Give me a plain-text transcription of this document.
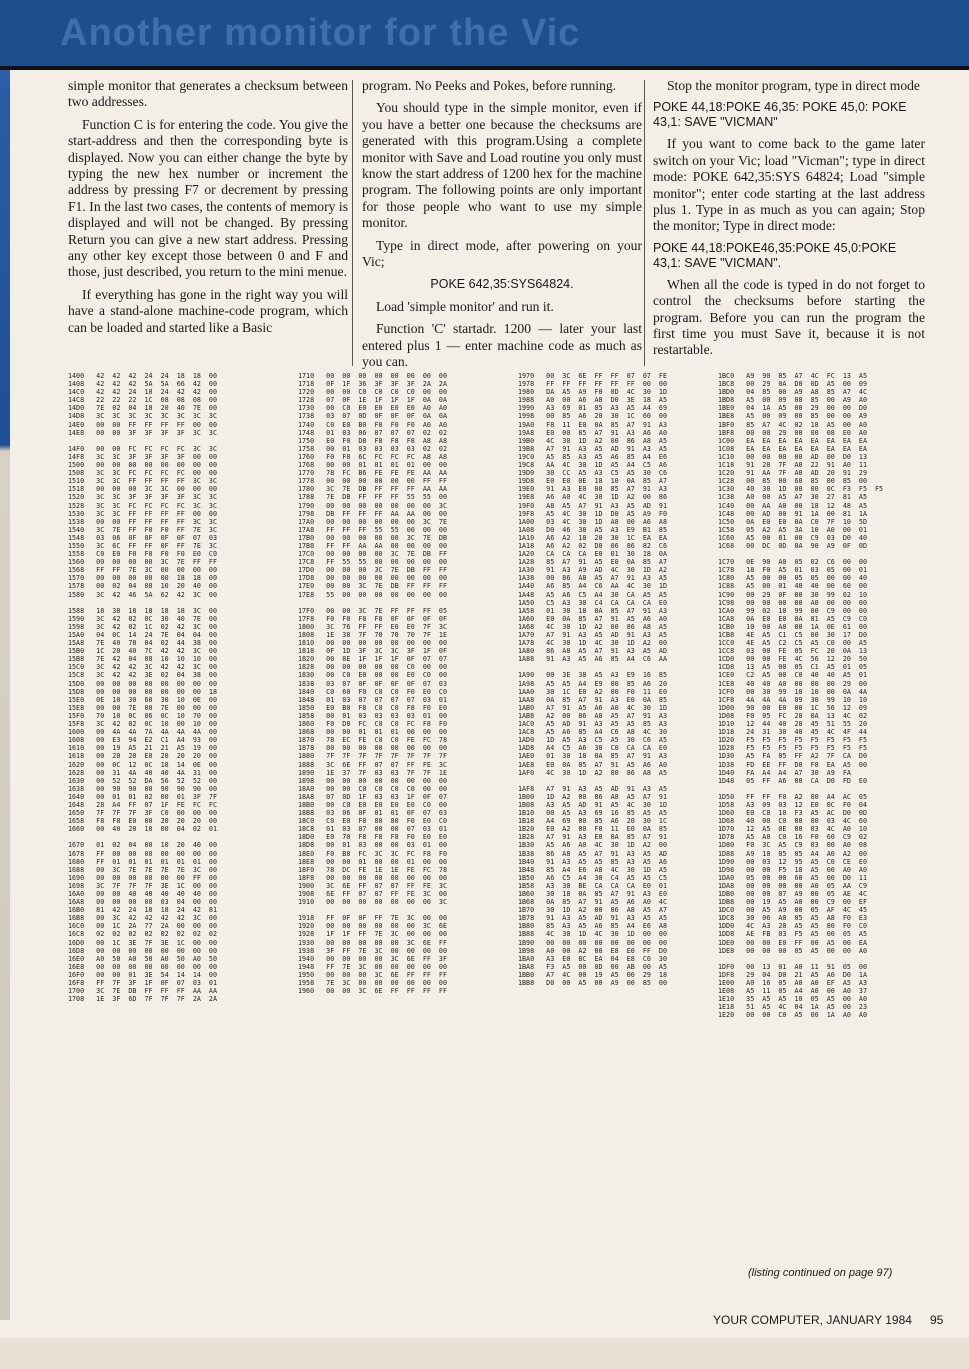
Another monitor for the Vic

simple monitor that generates a checksum between two addresses.

Function C is for entering the code. You give the start-address and then the corresponding byte is displayed. Now you can either change the byte by typing the new hex number or increment the address by pressing F7 or decrement by pressing F1. In the last two cases, the contents of memory is displayed and will not be changed. By pressing Return you can give a new start address. Pressing any other key except those between 0 and F and those, just described, you return to the mini menue.

If everything has gone in the right way you will have a stand-alone machine-code program, which can be loaded and started like a Basic

program. No Peeks and Pokes, before running.

You should type in the simple monitor, even if you have a better one because the checksums are generated with this program.Using a complete monitor with Save and Load routine you only must know the start address of 1200 hex for the machine program. The following points are only important for those people who want to use my simple monitor.

Type in direct mode, after powering on your Vic;

POKE 642,35:SYS64824.

Load 'simple monitor' and run it.

Function 'C' startadr. 1200 — later your last entered plus 1 — enter machine code as much as you can.

Stop the monitor program, type in direct mode

POKE 44,18:POKE 46,35: POKE 45,0: POKE 43,1: SAVE "VICMAN"

If you want to come back to the game later switch on your Vic; load "Vicman"; type in direct mode: POKE 642,35:SYS 64824; Load "simple monitor"; enter code starting at the last address plus 1. Type in as much as you can again; Stop the monitor; Type in direct mode:

POKE 44,18:POKE46,35:POKE 45,0:POKE 43,1: SAVE "VICMAN".

When all the code is typed in do not forget to control the checksums before starting the program. Before you can run the program the first time you must Save it, because it is not restartable.

1400   42  42  42  24  24  18  18  00
1408   42  42  42  5A  5A  66  42  00
14C0   42  42  24  18  24  42  42  00
14C8   22  22  22  1C  08  08  08  00
14D0   7E  02  04  18  20  40  7E  00
14D8   3C  3C  3C  3C  3C  3C  3C  3C
14E0   00  00  FF  FF  FF  FF  00  00
14E8   00  00  3F  3F  3F  3F  3C  3C
14F0   00  00  FC  FC  FC  FC  3C  3C
14F8   3C  3C  3F  3F  3F  3F  00  00
1500   00  00  00  00  00  00  00  00
1508   3C  3C  FC  FC  FC  FC  00  00
1510   3C  3C  FF  FF  FF  FF  3C  3C
1518   00  00  00  3C  3C  00  00  00
1520   3C  3C  3F  3F  3F  3F  3C  3C
1528   3C  3C  FC  FC  FC  FC  3C  3C
1530   3C  3C  FF  FF  FF  FF  00  00
1538   00  00  FF  FF  FF  FF  3C  3C
1540   3C  7E  FF  F0  F0  FF  7E  3C
1548   03  06  0F  0F  0F  0F  07  03
1550   3C  6C  FF  FF  0F  FF  7E  3C
1558   C0  E0  F0  F0  F0  F0  E0  C0
1560   00  00  00  00  3C  7E  FF  FF
1568   FF  FF  7E  3C  00  00  00  00
1570   00  00  00  00  00  18  18  00
1578   00  02  04  08  10  20  40  00
1580   3C  42  46  5A  62  42  3C  00
1588   18  38  18  18  18  18  3C  00
1590   3C  42  02  0C  30  40  7E  00
1598   3C  42  02  1C  02  42  3C  00
15A0   04  0C  14  24  7E  04  04  00
15A8   7E  40  78  04  02  44  38  00
15B0   1C  20  40  7C  42  42  3C  00
15B8   7E  42  04  08  10  10  10  00
15C0   3C  42  42  3C  42  42  3C  00
15C8   3C  42  42  3E  02  04  38  00
15D0   00  00  00  00  00  00  00  00
15D8   00  00  00  00  00  00  00  18
15E0   0E  10  30  60  30  10  0E  00
15E8   00  00  7E  00  7E  00  00  00
15F0   70  10  0C  06  0C  10  70  00
15F8   3C  42  02  0C  10  00  10  00
1600   00  4A  4A  7A  4A  4A  4A  00
1608   00  E3  94  E2  C1  A4  93  00
1610   00  19  A5  21  21  A5  19  00
1618   00  20  20  E0  20  20  20  00
1620   00  0C  12  0C  18  14  0E  00
1628   00  31  4A  40  40  4A  31  00
1630   00  52  52  DA  56  52  52  00
1638   00  90  90  00  90  90  90  00
1640   00  01  01  02  00  01  3F  7F
1648   28  A4  FF  07  1F  FE  FC  FC
1650   7F  7F  7F  3F  C0  00  00  00
1658   F8  F8  E0  00  20  20  20  00
1660   00  40  20  10  00  04  02  01
1670   01  02  04  00  10  20  40  00
1678   FF  00  00  00  00  00  00  00
1680   FF  01  01  01  01  01  01  00
1688   00  3C  7E  7E  7E  7E  3C  00
1690   00  00  00  00  00  00  FF  00
1698   3C  7F  7F  7F  3E  1C  00  00
16A0   00  00  40  40  40  40  40  00
16A8   00  00  00  00  03  04  00  00
16B0   81  42  24  18  18  24  42  81
16B8   00  3C  42  42  42  42  3C  00
16C0   00  1C  2A  77  2A  00  00  00
16C8   02  02  02  02  02  02  02  02
16D0   00  1C  3E  7F  3E  1C  00  00
16D8   00  00  00  00  00  00  00  00
16E0   A0  50  A0  50  A0  50  A0  50
16E8   00  00  00  00  00  00  00  00
16F0   00  00  01  3E  54  14  14  00
16F8   FF  7F  3F  1F  0F  07  03  01
1700   3C  7E  DB  FF  FF  FF  AA  AA
1708   1E  3F  6D  7F  7F  7F  2A  2A
1710   00  00  00  00  00  00  00  00
1718   0F  1F  36  3F  3F  3F  2A  2A
1720   00  00  C0  C0  C0  C0  00  00
1728   07  0F  1E  1F  1F  1F  0A  0A
1730   00  C0  E0  E0  E0  E0  A0  A0
1738   03  07  0D  0F  0F  0F  0A  0A
1740   C0  E0  B0  F0  F0  F0  A0  A0
1748   01  03  06  07  07  07  02  02
1750   E0  F0  D8  F8  F8  F8  A8  A8
1758   00  01  03  03  03  03  02  02
1760   F0  F8  6C  FC  FC  FC  A8  A8
1768   00  00  01  01  01  01  00  00
1770   78  FC  B6  FE  FE  FE  AA  AA
1778   00  00  00  00  00  00  FF  FF
1780   3C  7E  DB  FF  FF  FF  AA  AA
1788   7E  DB  FF  FF  FF  55  55  00
1790   00  00  00  00  00  00  00  3C
1798   DB  FF  FF  FF  AA  AA  00  00
17A0   00  00  00  00  00  00  3C  7E
17A8   FF  FF  FF  55  55  00  00  00
17B0   00  00  00  00  00  3C  7E  DB
17B8   FF  FF  AA  AA  00  00  00  00
17C0   00  00  00  00  3C  7E  DB  FF
17C8   FF  55  55  00  00  00  00  00
17D0   00  00  00  3C  7E  DB  FF  FF
17D8   00  00  00  00  00  00  00  00
17E0   00  00  3C  7E  DB  FF  FF  FF
17E8   55  00  00  00  00  00  00  00
17F0   00  00  3C  7E  FF  FF  FF  05
17F8   F0  F0  F0  F0  0F  0F  0F  0F
1800   3C  76  FF  FF  E0  E0  7F  3C
1808   1E  38  7F  70  70  70  7F  1E
1810   00  00  00  00  00  00  00  00
1818   0F  1D  3F  3C  3C  3F  1F  0F
1820   00  8E  1F  1F  1F  0F  07  07
1828   00  00  00  00  00  C0  00  00
1830   00  C0  E0  00  00  E0  C0  00
1838   03  07  0F  0F  0F  0F  07  03
1840   C0  60  F0  C0  C0  F0  E0  C0
1848   01  03  07  07  07  07  03  01
1850   E0  B0  F8  C0  C0  F8  F0  E0
1858   00  01  03  03  03  03  01  00
1860   F0  D8  FC  C0  C0  FC  F8  F0
1868   00  00  01  01  01  00  00  00
1870   78  EC  FE  C0  C0  FE  FC  78
1878   00  00  00  00  00  00  00  00
1880   7F  7F  7F  7F  7F  7F  7F  7F
1888   3C  6E  FF  07  07  FF  FE  3C
1890   1E  37  7F  03  03  7F  7F  1E
1898   00  00  00  00  00  00  00  00
18A0   00  00  C0  C0  C0  C0  00  00
18A8   07  0D  1F  03  03  1F  0F  07
18B0   00  C0  E0  E0  E0  E0  C0  00
18B8   03  06  0F  01  01  0F  07  03
18C0   C0  E0  F0  80  80  F0  E0  C0
18C8   01  03  07  00  00  07  03  01
18D0   E0  70  F8  F8  F8  F0  E0  E0
18D8   00  01  03  00  00  03  01  00
18E0   F0  B8  FC  3C  3C  FC  F8  F0
18E8   00  00  01  00  00  01  00  00
18F0   78  DC  FE  1E  1E  FE  FC  78
18F8   00  00  00  00  00  00  00  00
1900   3C  6E  FF  07  07  FF  FE  3C
1908   6E  FF  07  07  FF  FE  3C  00
1910   00  00  00  00  00  00  00  3C
1918   FF  0F  0F  FF  7E  3C  00  00
1920   00  00  00  00  00  00  3C  6E
1928   1F  1F  FF  7E  3C  00  00  00
1930   00  00  00  00  00  3C  6E  FF
1938   3F  FF  7E  3C  00  00  00  00
1940   00  00  00  00  3C  6E  FF  3F
1948   FF  7E  3C  00  00  00  00  00
1950   00  00  00  3C  6E  FF  FF  FF
1958   7E  3C  00  00  00  00  00  00
1960   00  00  3C  6E  FF  FF  FF  FF
1970   00  3C  6E  FF  FF  07  07  FE
1978   FF  FF  FF  FF  FF  FF  00  00
1980   DA  A5  A9  F0  0D  4C  30  1D
1988   A0  00  A6  A8  D0  3E  18  A5
1990   A3  69  01  85  A3  A5  A4  69
1998   00  85  A6  20  30  1C  60  00
19A0   F8  11  E0  0A  85  A7  91  A3
19A8   E0  00  85  A7  91  A3  A6  A0
19B0   4C  30  1D  A2  00  86  A8  A5
19B8   A7  91  A3  A5  AD  91  A3  A5
19C0   A5  85  A3  A5  A6  85  A4  E6
19C8   AA  4C  30  1D  A5  A4  C5  A6
19D0   30  CC  A5  A3  C5  A5  30  C6
19D8   E0  E0  0E  18  10  0A  85  A7
19E0   91  A3  E0  00  85  A7  91  A3
19E8   A6  A0  4C  30  1D  A2  00  86
19F0   A8  A5  A7  91  A3  A5  AD  91
19F8   A5  4C  30  1D  D0  A5  A9  F0
1A00   03  4C  30  1D  A8  00  A6  A8
1A08   D0  46  38  A5  A3  E9  B1  85
1A10   A6  A2  18  20  30  1C  EA  EA
1A18   A6  A2  02  D0  06  86  82  C6
1A20   CA  CA  CA  E0  01  30  18  0A
1A28   85  A7  91  A5  E0  0A  85  A7
1A30   91  A3  A9  AD  4C  30  1D  A2
1A38   00  86  A8  A5  A7  91  A3  A5
1A40   A6  85  A4  C6  AA  4C  30  1D
1A48   A5  A6  C5  A4  30  CA  A5  A5
1A50   C5  A3  30  C4  CA  CA  CA  E0
1A58   01  30  18  0A  85  A7  91  A3
1A60   E0  0A  85  A7  91  A5  A6  A0
1A68   4C  30  1D  A2  00  86  A8  A5
1A70   A7  91  A3  A5  AD  91  A3  A5
1A78   4C  30  1D  4C  30  1D  A2  00
1A80   86  A8  A5  A7  91  A3  A5  AD
1A88   91  A3  A5  A6  85  A4  C6  AA
1A90   00  3E  38  A5  A3  E9  16  85
1A98   A5  A5  A4  E9  00  85  A6  20
1AA0   30  1C  E0  A2  00  F0  11  E0
1AA8   0A  85  A7  91  A3  E0  0A  85
1AB0   A7  91  A5  A6  A0  4C  30  1D
1AB8   A2  00  86  A8  A5  A7  91  A3
1AC0   A5  AD  91  A3  A5  A5  85  A3
1AC8   A5  A6  85  A4  C6  A8  4C  30
1AD0   1D  A5  A3  C5  A5  30  C6  A5
1AD8   A4  C5  A6  30  C0  CA  CA  E0
1AE0   01  30  18  0A  85  A7  91  A3
1AE8   E0  0A  85  A7  91  A5  A6  A0
1AF0   4C  30  1D  A2  00  86  A8  A5
1AF8   A7  91  A3  A5  AD  91  A3  A5
1B00   1D  A2  00  86  A8  A5  A7  91
1B08   A3  A5  AD  91  A5  4C  30  1D
1B10   00  A5  A3  69  16  85  A5  A5
1B18   A4  69  00  85  A6  20  30  1C
1B20   E0  A2  00  F0  11  E0  0A  85
1B28   A7  91  A3  E0  0A  85  A7  91
1B30   A5  A6  A0  4C  30  1D  A2  00
1B38   86  A8  A5  A7  91  A3  A5  AD
1B40   91  A3  A5  A5  85  A3  A5  A6
1B48   85  A4  E6  A8  4C  30  1D  A5
1B50   A6  C5  A4  30  C4  A5  A5  C5
1B58   A3  30  BE  CA  CA  CA  E0  01
1B60   30  18  0A  85  A7  91  A3  E0
1B68   0A  85  A7  91  A5  A6  A0  4C
1B70   30  1D  A2  00  86  A8  A5  A7
1B78   91  A3  A5  AD  91  A3  A5  A5
1B80   85  A3  A5  A6  85  A4  E6  A8
1B88   4C  30  1D  4C  30  1D  00  00
1B90   00  00  00  00  00  00  00  00
1B98   A0  00  A2  00  E8  E0  FF  D0
1BA0   A3  E0  8C  EA  04  E8  C0  30
1BA8   F3  A5  00  8D  00  AB  00  A5
1BB0   A7  4C  00  19  A5  00  29  18
1BB8   D0  00  A5  00  A9  00  85  00
1BC0   A9  90  85  A7  4C  FC  13  A5
1BC8   00  29  0A  D0  0D  A5  00  09
1BD0   04  85  00  A9  A8  85  A7  4C
1BD8   A5  00  09  08  85  00  A9  A0
1BE0   04  1A  A5  00  29  00  00  D0
1BE8   A5  00  09  00  85  00  00  A9
1BF0   85  A7  4C  02  18  A5  00  A0
1BF8   00  00  29  00  00  08  E0  A0
1C00   EA  EA  EA  EA  EA  EA  EA  EA
1C08   EA  EA  EA  EA  EA  EA  EA  EA
1C10   00  00  00  00  AD  00  D0  13
1C18   91  28  7F  A0  22  91  A0  11
1C20   91  AA  7F  A0  AD  20  91  29
1C28   00  85  00  60  85  00  85  00
1C30   40  30  1D  00  00  0C  F3  F5  F5
1C38   A0  00  A5  A7  30  27  81  A5
1C40   00  AA  A0  00  18  12  48  A5
1C48   00  AD  00  91  1A  00  81  1A
1C50   0A  E0  E0  0A  C0  7F  10  5D
1C58   05  A2  A5  3A  10  A0  00  01
1C60   A5  00  81  00  C9  03  D0  40
1C68   00  DC  0D  0A  90  A9  0F  0D
1C70   0E  90  A0  05  02  C6  00  00
1C78   18  F0  A5  01  03  05  00  01
1C80   A5  00  00  05  05  00  00  40
1C88   A5  00  01  40  40  00  60  00
1C90   00  29  0F  00  30  99  02  10
1C98   00  00  00  00  A0  00  00  00
1CA0   99  02  10  99  00  C9  00  00
1CA8   0A  E0  E0  0A  81  A5  C9  C0
1CB0   10  00  A0  00  1A  0E  61  00
1CB8   4E  A5  C1  C5  00  30  17  D0
1CC0   4E  A5  C2  C5  A5  C0  00  A5
1CC8   03  00  FE  05  FC  20  0A  13
1CD0   00  00  FE  4C  56  12  20  50
1CD8   13  A5  00  05  C1  A5  01  05
1CE0   C2  A5  00  C0  40  40  A5  01
1CE8   40  40  A0  00  00  00  29  00
1CF0   00  30  99  10  10  00  0A  4A
1CF8   4A  4A  4A  09  30  99  10  10
1D00   90  00  E0  00  1C  56  12  09
1D08   F0  05  FC  20  0A  13  4C  02
1D10   12  44  40  20  45  51  55  20
1D18   24  31  30  40  45  4C  4F  44
1D20   F5  F5  F5  F5  F5  F5  F5  F5
1D28   F5  F5  F5  F5  F5  F5  F5  F5
1D30   A5  FA  05  FF  A2  7F  CA  D0
1D38   FD  EE  FF  D0  F8  EA  A5  00
1D40   FA  A4  A4  A7  30  A9  FA
1D48   05  FF  A6  00  CA  D0  FD  E0
1D50   FF  FF  F0  A2  00  A4  AC  05
1D58   A3  09  03  12  E0  0C  F0  04
1D60   E0  C8  10  F3  A5  AC  D0  0D
1D68   40  00  C0  00  00  03  4C  60
1D70   12  A5  0E  00  03  4C  A0  10
1D78   A5  A0  C0  16  F0  60  C9  02
1D80   F0  3C  A5  C9  03  00  A0  08
1D88   A9  10  05  05  A4  A0  A2  00
1D90   00  03  12  95  A5  C0  CE  E0
1D98   00  00  F5  18  A5  00  A0  A0
1DA0   05  00  00  60  A5  00  D0  11
1DA8   00  00  00  00  A0  05  AA  C9
1DB0   00  00  07  A9  00  05  AE  4C
1DB8   00  19  A5  A0  00  C9  00  EF
1DC0   00  A5  A9  00  05  AF  4C  45
1DC8   30  06  A0  05  A5  A8  F0  E3
1DD0   4C  A3  20  A5  A5  80  F0  C0
1DD8   AE  FB  03  F5  A5  00  05  A5
1DE0   00  00  E0  FF  00  A5  00  EA
1DE8   00  00  00  05  A5  00  00  A0
1DF0   00  13  01  A0  11  91  05  00
1DF8   29  04  D0  21  A5  A0  D0  1A
1E00   A0  16  05  A0  A0  EF  A5  A3
1E08   A5  11  05  A4  A0  00  A0  37
1E10   35  A5  A5  10  05  A5  00  A0
1E18   51  A5  4C  04  1A  A5  00  23
1E20   00  00  C0  A5  00  1A  A0  A0
(listing continued on page 97)
YOUR COMPUTER, JANUARY 1984 95
